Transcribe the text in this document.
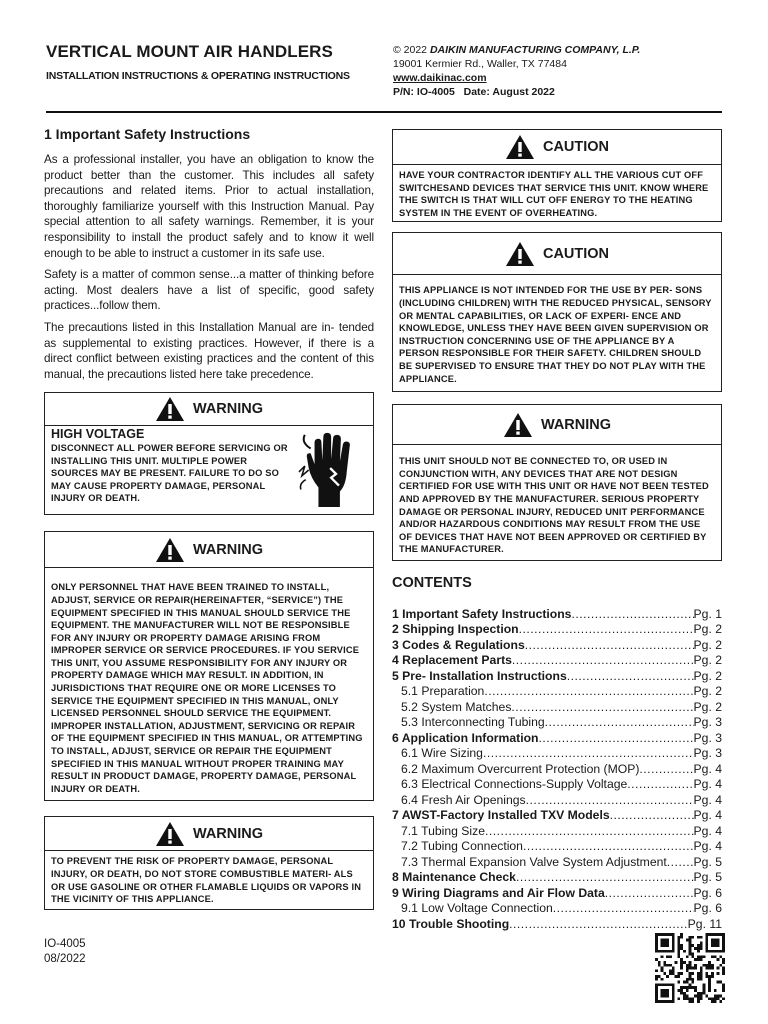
VERTICAL MOUNT AIR HANDLERS
INSTALLATION INSTRUCTIONS & OPERATING INSTRUCTIONS
© 2022 DAIKIN MANUFACTURING COMPANY, L.P.
19001 Kermier Rd., Waller, TX 77484
www.daikinac.com
P/N: IO-4005 Date: August 2022
1 Important Safety Instructions

As a professional installer, you have an obligation to know the product better than the customer. This includes all safety precautions and related items. Prior to actual installation, thoroughly familiarize yourself with this Instruction Manual. Pay special attention to all safety warnings. Remember, it is your responsibility to install the product safely and to know it well enough to be able to instruct a customer in its safe use.

Safety is a matter of common sense...a matter of thinking before acting. Most dealers have a list of specific, good safety practices...follow them.

The precautions listed in this Installation Manual are in- tended as supplemental to existing practices. However, if there is a direct conflict between existing practices and the content of this manual, the precautions listed here take precedence.

WARNING
HIGH VOLTAGE
DISCONNECT ALL POWER BEFORE SERVICING OR INSTALLING THIS UNIT. MULTIPLE POWER SOURCES MAY BE PRESENT. FAILURE TO DO SO MAY CAUSE PROPERTY DAMAGE, PERSONAL INJURY OR DEATH.
WARNING
ONLY PERSONNEL THAT HAVE BEEN TRAINED TO INSTALL, ADJUST, SERVICE OR REPAIR(HEREINAFTER, “SERVICE”) THE EQUIPMENT SPECIFIED IN THIS MANUAL SHOULD SERVICE THE EQUIPMENT. THE MANUFACTURER WILL NOT BE RESPONSIBLE FOR ANY INJURY OR PROPERTY DAMAGE ARISING FROM IMPROPER SERVICE OR SERVICE PROCEDURES. IF YOU SERVICE THIS UNIT, YOU ASSUME RESPONSIBILITY FOR ANY INJURY OR PROPERTY DAMAGE WHICH MAY RESULT. IN ADDITION, IN JURISDICTIONS THAT REQUIRE ONE OR MORE LICENSES TO SERVICE THE EQUIPMENT SPECIFIED IN THIS MANUAL, ONLY LICENSED PERSONNEL SHOULD SERVICE THE EQUIPMENT.
IMPROPER INSTALLATION, ADJUSTMENT, SERVICING OR REPAIR OF THE EQUIPMENT SPECIFIED IN THIS MANUAL, OR ATTEMPTING TO INSTALL, ADJUST, SERVICE OR REPAIR THE EQUIPMENT SPECIFIED IN THIS MANUAL WITHOUT PROPER TRAINING MAY RESULT IN PRODUCT DAMAGE, PROPERTY DAMAGE, PERSONAL INJURY OR DEATH.
WARNING
TO PREVENT THE RISK OF PROPERTY DAMAGE, PERSONAL INJURY, OR DEATH, DO NOT STORE COMBUSTIBLE MATERI- ALS OR USE GASOLINE OR OTHER FLAMABLE LIQUIDS OR VAPORS IN THE VICINITY OF THIS APPLIANCE.
CAUTION
HAVE YOUR CONTRACTOR IDENTIFY ALL THE VARIOUS CUT OFF SWITCHESAND DEVICES THAT SERVICE THIS UNIT. KNOW WHERE THE SWITCH IS THAT WILL CUT OFF ENERGY TO THE HEATING SYSTEM IN THE EVENT OF OVERHEATING.
CAUTION
THIS APPLIANCE IS NOT INTENDED FOR THE USE BY PER- SONS (INCLUDING CHILDREN) WITH THE REDUCED PHYSICAL, SENSORY OR MENTAL CAPABILITIES, OR LACK OF EXPERI- ENCE AND KNOWLEDGE, UNLESS THEY HAVE BEEN GIVEN SUPERVISION OR INSTRUCTION CONCERNING USE OF THE APPLIANCE BY A PERSON RESPONSIBLE FOR THEIR SAFETY. CHILDREN SHOULD BE SUPERVISED TO ENSURE THAT THEY DO NOT PLAY WITH THE APPLIANCE.
WARNING
THIS UNIT SHOULD NOT BE CONNECTED TO, OR USED IN CONJUNCTION WITH, ANY DEVICES THAT ARE NOT DESIGN CERTIFIED FOR USE WITH THIS UNIT OR HAVE NOT BEEN TESTED AND APPROVED BY THE MANUFACTURER. SERIOUS PROPERTY DAMAGE OR PERSONAL INJURY, REDUCED UNIT PERFORMANCE AND/OR HAZARDOUS CONDITIONS MAY RESULT FROM THE USE OF DEVICES THAT HAVE NOT BEEN APPROVED OR CERTIFIED BY THE MANUFACTURER.
CONTENTS
1 Important Safety Instructions .....	Pg. 1
2 Shipping Inspection .....	Pg. 2
3 Codes & Regulations .....	Pg. 2
4 Replacement Parts .....	Pg. 2
5 Pre- Installation Instructions .....	Pg. 2
5.1 Preparation .....	Pg. 2
5.2 System Matches .....	Pg. 2
5.3 Interconnecting Tubing .....	Pg. 3
6 Application Information .....	Pg. 3
6.1 Wire Sizing .....	Pg. 3
6.2 Maximum Overcurrent Protection (MOP) .....	Pg. 4
6.3 Electrical Connections-Supply Voltage .....	Pg. 4
6.4 Fresh Air Openings .....	Pg. 4
7 AWST-Factory Installed TXV Models .....	Pg. 4
7.1 Tubing Size .....	Pg. 4
7.2 Tubing Connection .....	Pg. 4
7.3 Thermal Expansion Valve System Adjustment ..... Pg. 5
8 Maintenance Check .....	Pg. 5
9 Wiring Diagrams and Air Flow Data .....	Pg. 6
9.1 Low Voltage Connection .....	Pg. 6
10 Trouble Shooting .....	Pg. 11
IO-4005
08/2022
